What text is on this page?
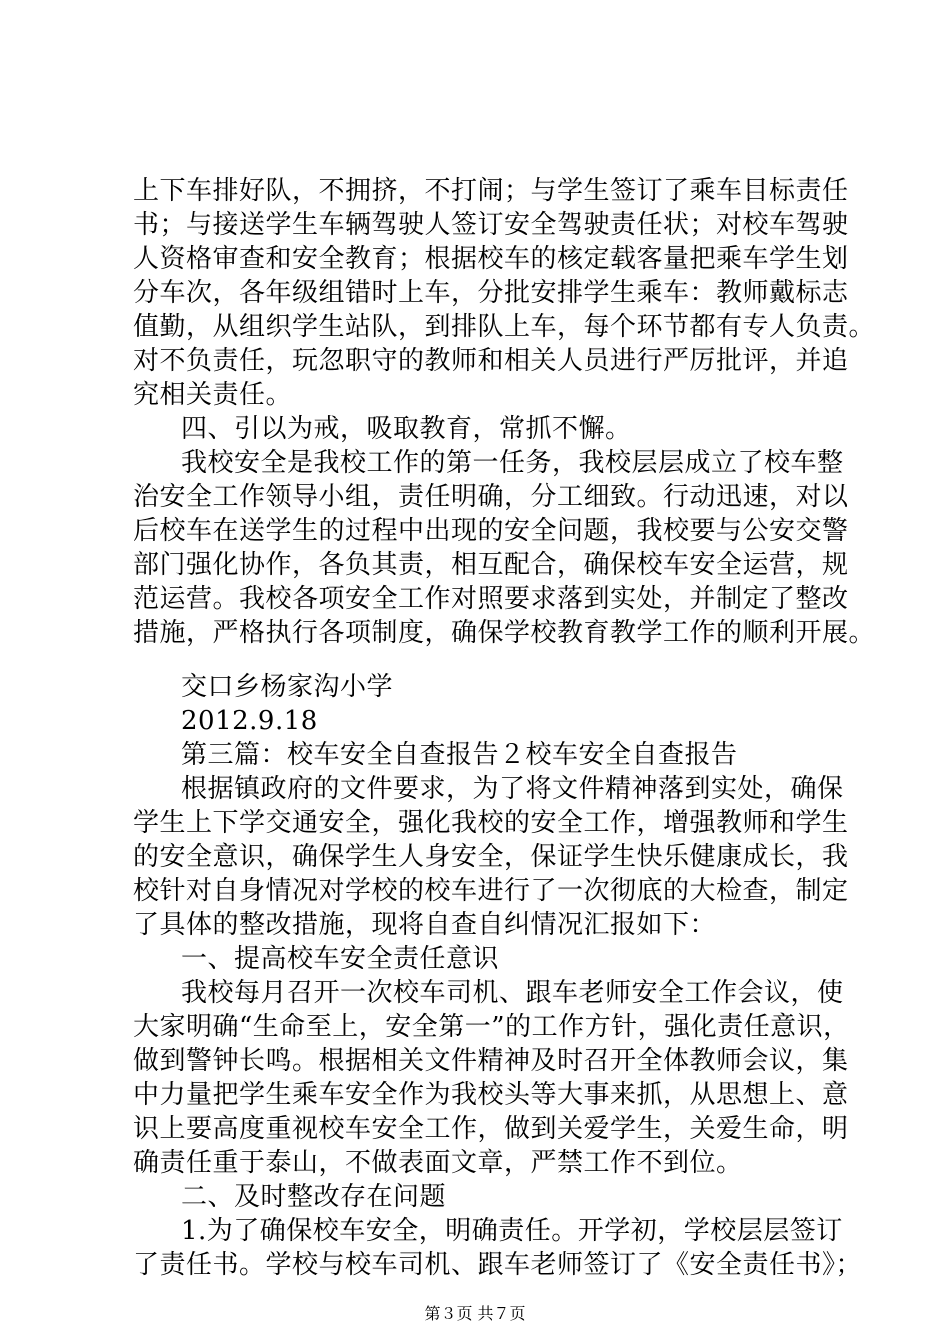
上下车排好队，不拥挤，不打闹；与学生签订了乘车目标责任
书；与接送学生车辆驾驶人签订安全驾驶责任状；对校车驾驶
人资格审查和安全教育；根据校车的核定载客量把乘车学生划
分车次，各年级组错时上车，分批安排学生乘车：教师戴标志
值勤，从组织学生站队，到排队上车，每个环节都有专人负责。
对不负责任，玩忽职守的教师和相关人员进行严厉批评，并追
究相关责任。
四、引以为戒，吸取教育，常抓不懈。
我校安全是我校工作的第一任务，我校层层成立了校车整
治安全工作领导小组，责任明确，分工细致。行动迅速，对以
后校车在送学生的过程中出现的安全问题，我校要与公安交警
部门强化协作，各负其责，相互配合，确保校车安全运营，规
范运营。我校各项安全工作对照要求落到实处，并制定了整改
措施，严格执行各项制度，确保学校教育教学工作的顺利开展。
交口乡杨家沟小学
2012.9.18
第三篇：校车安全自查报告２校车安全自查报告
根据镇政府的文件要求，为了将文件精神落到实处，确保
学生上下学交通安全，强化我校的安全工作，增强教师和学生
的安全意识，确保学生人身安全，保证学生快乐健康成长，我
校针对自身情况对学校的校车进行了一次彻底的大检查，制定
了具体的整改措施，现将自查自纠情况汇报如下：
一、提高校车安全责任意识
我校每月召开一次校车司机、跟车老师安全工作会议，使
大家明确“生命至上，安全第一”的工作方针，强化责任意识，
做到警钟长鸣。根据相关文件精神及时召开全体教师会议，集
中力量把学生乘车安全作为我校头等大事来抓，从思想上、意
识上要高度重视校车安全工作，做到关爱学生，关爱生命，明
确责任重于泰山，不做表面文章，严禁工作不到位。
二、及时整改存在问题
1.为了确保校车安全，明确责任。开学初，学校层层签订
了责任书。学校与校车司机、跟车老师签订了《安全责任书》；
第３页 共７页
